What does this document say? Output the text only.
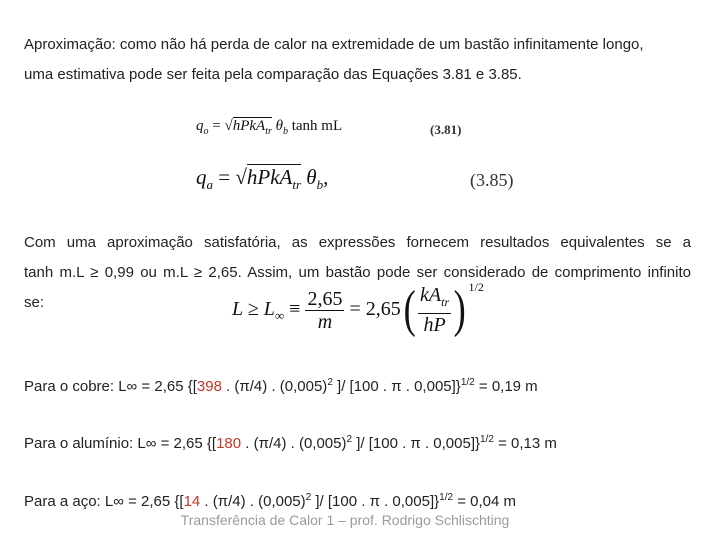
Aproximação: como não há perda de calor na extremidade de um bastão infinitamente longo,
uma estimativa pode ser feita pela comparação das Equações 3.81 e 3.85.
$q_o$ = √hPkA$_{tr}$ $\theta_b$ tanh mL	(3.81)
$q_a$ = √hPkA$_{tr}$ $\theta_b$,	(3.85)
Com uma aproximação satisfatória, as expressões fornecem resultados equivalentes se a
tanh m.L ≥ 0,99 ou m.L ≥ 2,65. Assim, um bastão pode ser considerado de comprimento infinito
se:	$L \ge L_\infty \equiv \frac{2,65}{m} = 2,65( \frac{kA_{tr}}{hP}$ ) $^{1/2}$
Para o cobre: L∞ = 2,65 {[398 . (π/4) . $(0,005)^2$ ]/ [100 . π . 0,005]}$^{1/2}$ = 0,19 m
Para o alumínio: L∞ = 2,65 {[180 . (π/4) . $(0,005)^2$ ]/ [100 . π . 0,005]}$^{1/2}$ = 0,13 m
Para a aço: L∞ = 2,65 {[14 . (π/4) . $(0,005)^2$ ]/ [100 . π . 0,005]}$^{1/2}$ = 0,04 m
Transferência de Calor 1 – prof. Rodrigo Schlischting
